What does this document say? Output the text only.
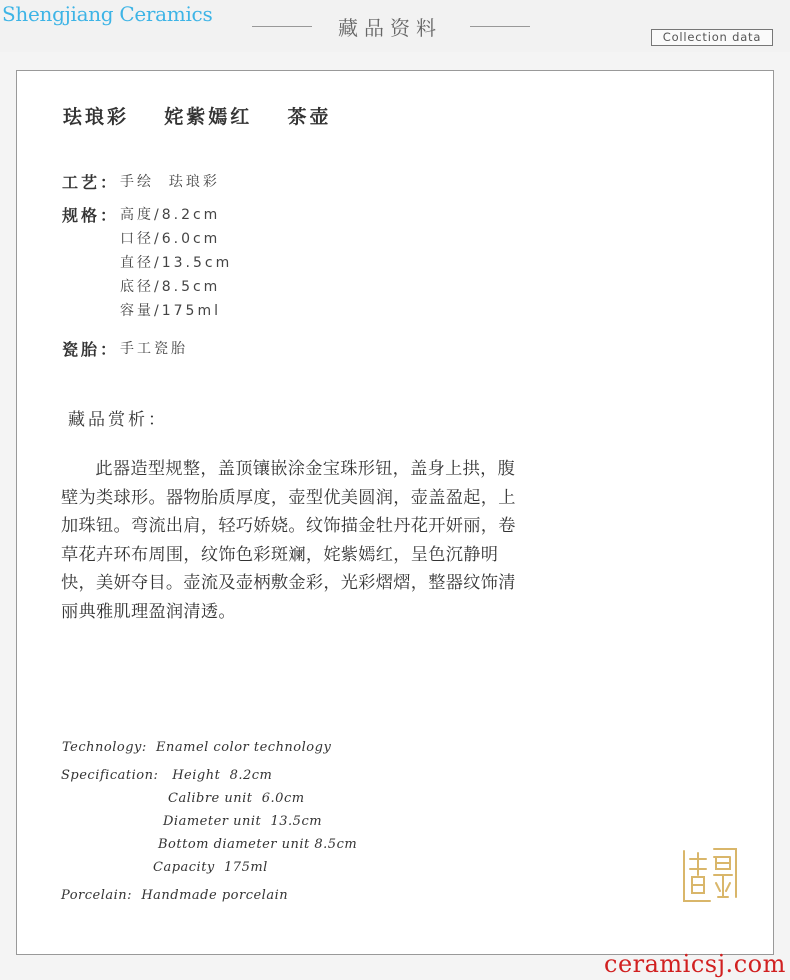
Shengjiang Ceramics
藏品资料	Collection data
珐琅彩  姹紫嫣红  茶壶
工艺： 手绘  珐琅彩
规格： 高度/8.2cm
口径/6.0cm
直径/13.5cm
底径/8.5cm
容量/175ml
瓷胎： 手工瓷胎
藏品赏析：
此器造型规整，盖顶镶嵌涂金宝珠形钮，盖身上拱，腹壁为类球形。器物胎质厚度，壶型优美圆润，壶盖盈起，上加珠钮。弯流出肩，轻巧娇娆。纹饰描金牡丹花开妍丽，卷草花卉环布周围，纹饰色彩斑斓，姹紫嫣红，呈色沉静明快，美妍夺目。壶流及壶柄敷金彩，光彩熠熠，整器纹饰清丽典雅肌理盈润清透。
Technology:  Enamel color technology
Specification:   Height  8.2cm
Calibre unit  6.0cm
Diameter unit  13.5cm
Bottom diameter unit 8.5cm
Capacity  175ml
Porcelain:  Handmade porcelain
ceramicsj.com
